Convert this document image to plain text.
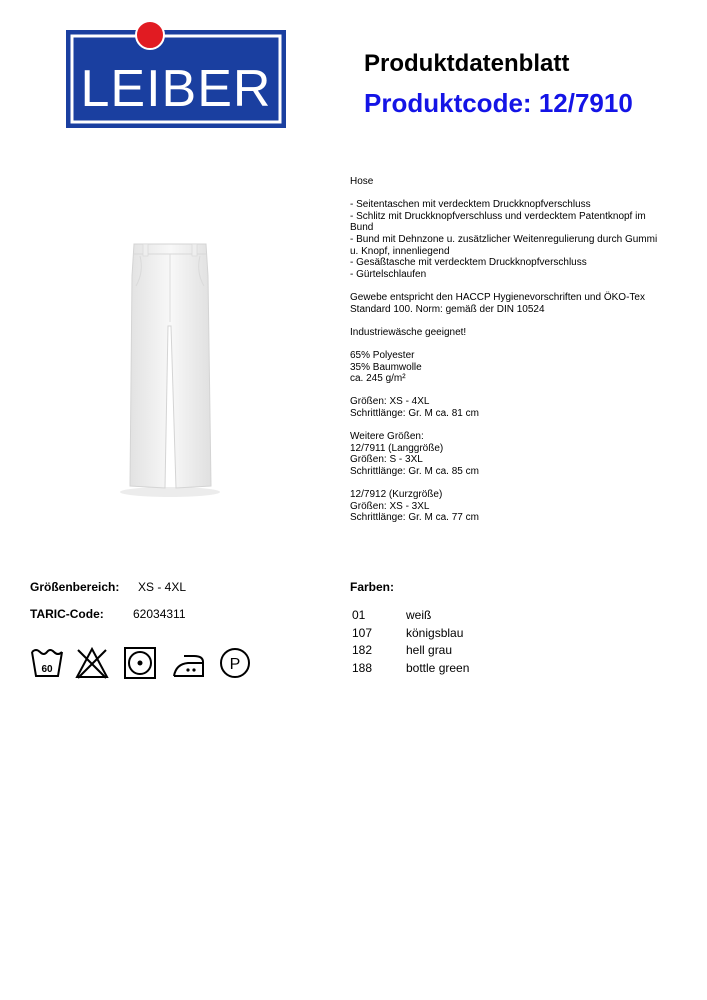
LEIBER	Produktdatenblatt
Produktcode: 12/7910

Hose

- Seitentaschen mit verdecktem Druckknopfverschluss
- Schlitz mit Druckknopfverschluss und verdecktem Patentknopf im
Bund
- Bund mit Dehnzone u. zusätzlicher Weitenregulierung durch Gummi
u. Knopf, innenliegend
- Gesäßtasche mit verdecktem Druckknopfverschluss
- Gürtelschlaufen

Gewebe entspricht den HACCP Hygienevorschriften und ÖKO-Tex
Standard 100. Norm: gemäß der DIN 10524

Industriewäsche geeignet!

65% Polyester
35% Baumwolle
ca. 245 g/m²

Größen: XS - 4XL
Schrittlänge: Gr. M ca. 81 cm

Weitere Größen:
12/7911 (Langgröße)
Größen: S - 3XL
Schrittlänge: Gr. M ca. 85 cm

12/7912 (Kurzgröße)
Größen: XS - 3XL
Schrittlänge: Gr. M ca. 77 cm

Größenbereich: XS - 4XL
TARIC-Code: 62034311
60	P
Farben:
01	weiß
107	königsblau
182	hell grau
188	bottle green
